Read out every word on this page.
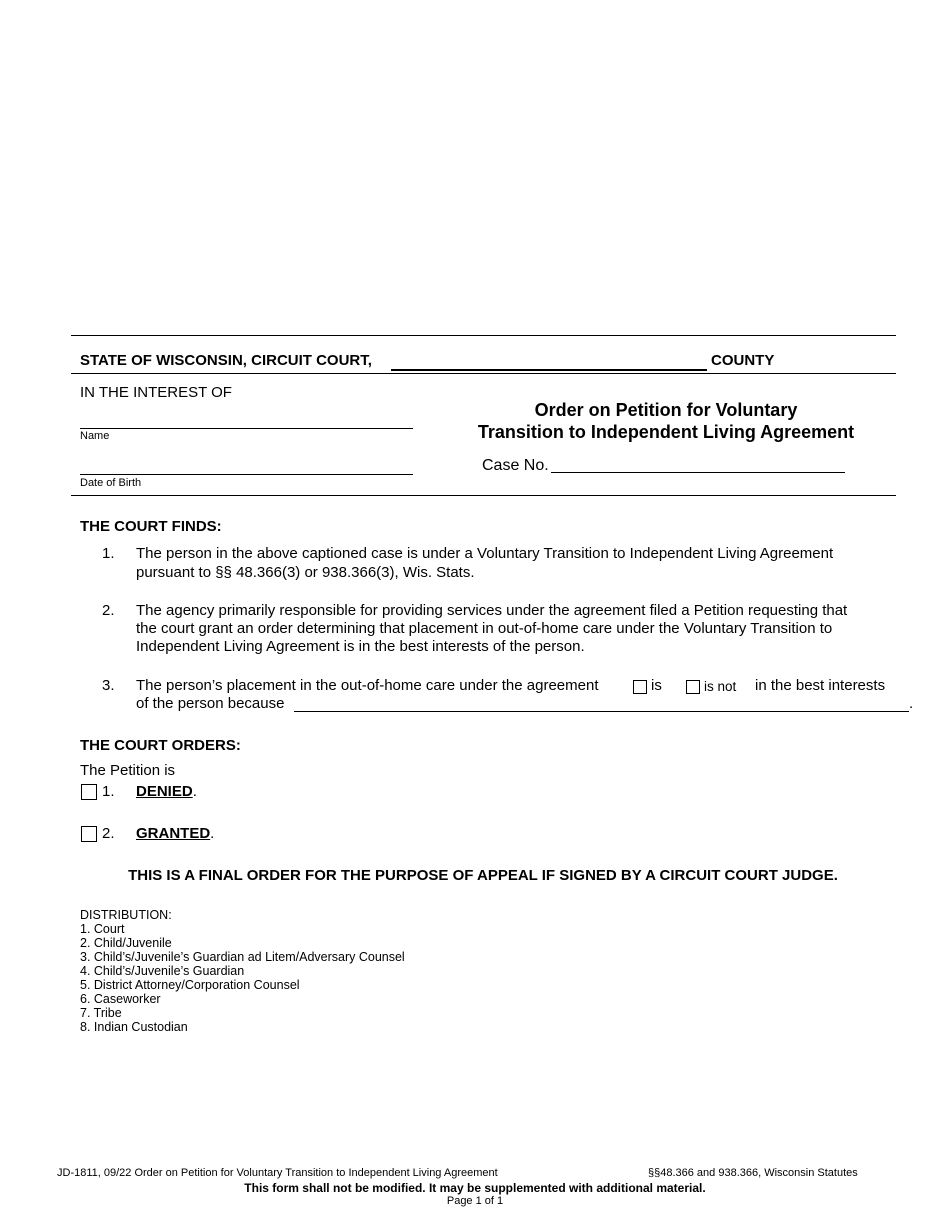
STATE OF WISCONSIN, CIRCUIT COURT,	COUNTY
IN THE INTEREST OF
Name
Date of Birth
Order on Petition for Voluntary
Transition to Independent Living Agreement
Case No.
THE COURT FINDS:
1. The person in the above captioned case is under a Voluntary Transition to Independent Living Agreement
pursuant to §§ 48.366(3) or 938.366(3), Wis. Stats.
2. The agency primarily responsible for providing services under the agreement filed a Petition requesting that
the court grant an order determining that placement in out-of-home care under the Voluntary Transition to
Independent Living Agreement is in the best interests of the person.
3. The person’s placement in the out-of-home care under the agreement	is	is not in the best interests
of the person because	.
THE COURT ORDERS:
The Petition is
1. DENIED.
2. GRANTED.
THIS IS A FINAL ORDER FOR THE PURPOSE OF APPEAL IF SIGNED BY A CIRCUIT COURT JUDGE.
DISTRIBUTION:
1. Court
2. Child/Juvenile
3. Child’s/Juvenile’s Guardian ad Litem/Adversary Counsel
4. Child’s/Juvenile’s Guardian
5. District Attorney/Corporation Counsel
6. Caseworker
7. Tribe
8. Indian Custodian
JD-1811, 09/22 Order on Petition for Voluntary Transition to Independent Living Agreement	§§48.366 and 938.366, Wisconsin Statutes
This form shall not be modified. It may be supplemented with additional material.
Page 1 of 1
